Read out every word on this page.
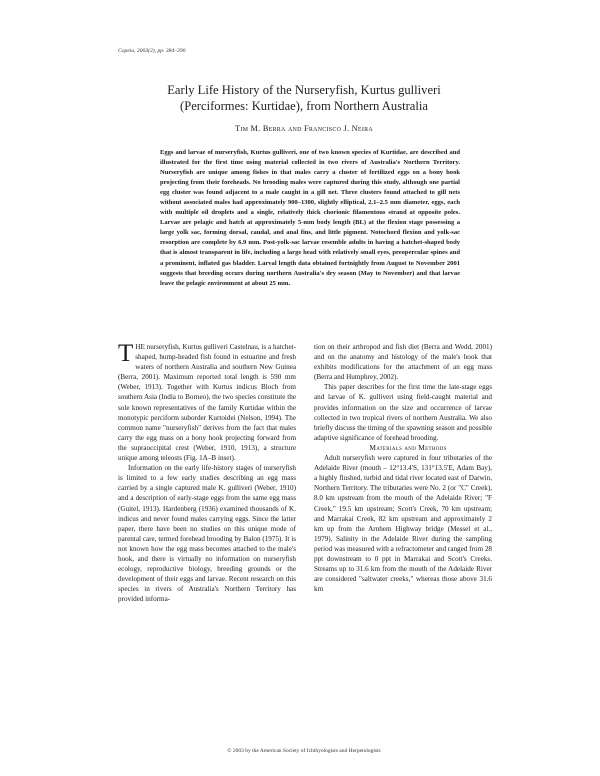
Copeia, 2003(2), pp. 384–390
Early Life History of the Nurseryfish, Kurtus gulliveri
(Perciformes: Kurtidae), from Northern Australia
Tim M. Berra and Francisco J. Neira

Eggs and larvae of nurseryfish, Kurtus gulliveri, one of two known species of Kurtidae, are described and illustrated for the first time using material collected in two rivers of Australia's Northern Territory. Nurseryfish are unique among fishes in that males carry a cluster of fertilized eggs on a bony hook projecting from their foreheads. No brooding males were captured during this study, although one partial egg cluster was found adjacent to a male caught in a gill net. Three clusters found attached to gill nets without associated males had approximately 900–1300, slightly elliptical, 2.1–2.5 mm diameter, eggs, each with multiple oil droplets and a single, relatively thick chorionic filamentous strand at opposite poles. Larvae are pelagic and hatch at approximately 5-mm body length (BL) at the flexion stage possessing a large yolk sac, forming dorsal, caudal, and anal fins, and little pigment. Notochord flexion and yolk-sac resorption are complete by 6.9 mm. Post-yolk-sac larvae resemble adults in having a hatchet-shaped body that is almost transparent in life, including a large head with relatively small eyes, preopercular spines and a prominent, inflated gas bladder. Larval length data obtained fortnightly from August to November 2001 suggests that breeding occurs during northern Australia's dry season (May to November) and that larvae leave the pelagic environment at about 25 mm.

T HE nurseryfish, Kurtus gulliveri Castelnau, is a hatchet-shaped, hump-headed fish found in estuarine and fresh waters of northern Australia and southern New Guinea (Berra, 2001). Maximum reported total length is 590 mm (Weber, 1913). Together with Kurtus indicus Bloch from southern Asia (India to Borneo), the two species constitute the sole known representatives of the family Kurtidae within the monotypic perciform suborder Kurtoidei (Nelson, 1994). The common name "nurseryfish" derives from the fact that males carry the egg mass on a bony hook projecting forward from the supraoccipital crest (Weber, 1910, 1913), a structure unique among teleosts (Fig. 1A–B inset).

Information on the early life-history stages of nurseryfish is limited to a few early studies describing an egg mass carried by a single captured male K. gulliveri (Weber, 1910) and a description of early-stage eggs from the same egg mass (Guitel, 1913). Hardenberg (1936) examined thousands of K. indicus and never found males carrying eggs. Since the latter paper, there have been no studies on this unique mode of parental care, termed forehead brooding by Balon (1975). It is not known how the egg mass becomes attached to the male's hook, and there is virtually no information on nurseryfish ecology, reproductive biology, breeding grounds or the development of their eggs and larvae. Recent research on this species in rivers of Australia's Northern Territory has provided informa-

tion on their arthropod and fish diet (Berra and Wedd, 2001) and on the anatomy and histology of the male's hook that exhibits modifications for the attachment of an egg mass (Berra and Humphrey, 2002).

This paper describes for the first time the late-stage eggs and larvae of K. gulliveri using field-caught material and provides information on the size and occurrence of larvae collected in two tropical rivers of northern Australia. We also briefly discuss the timing of the spawning season and possible adaptive significance of forehead brooding.

Materials and Methods

Adult nurseryfish were captured in four tributaries of the Adelaide River (mouth – 12°13.4'S, 131°13.5'E, Adam Bay), a highly flushed, turbid and tidal river located east of Darwin, Northern Territory. The tributaries were No. 2 (or "C" Creek), 8.0 km upstream from the mouth of the Adelaide River; "F Creek," 19.5 km upstream; Scott's Creek, 70 km upstream; and Marrakai Creek, 82 km upstream and approximately 2 km up from the Arnhem Highway bridge (Messel et al., 1979). Salinity in the Adelaide River during the sampling period was measured with a refractometer and ranged from 28 ppt downstream to 0 ppt in Marrakai and Scott's Creeks. Streams up to 31.6 km from the mouth of the Adelaide River are considered "saltwater creeks," whereas those above 31.6 km

© 2003 by the American Society of Ichthyologists and Herpetologists
